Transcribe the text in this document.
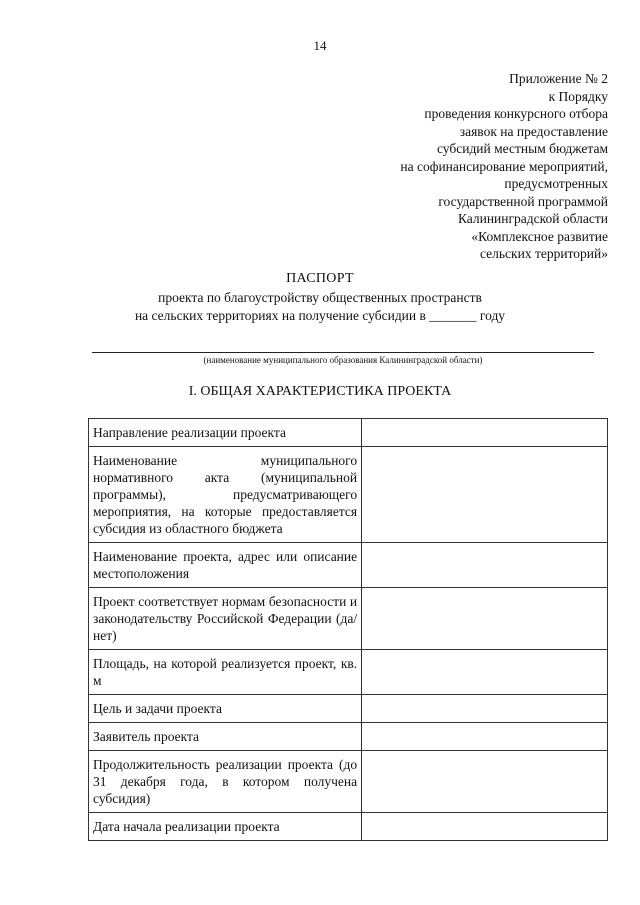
14
Приложение № 2
к Порядку
проведения конкурсного отбора
заявок на предоставление
субсидий местным бюджетам
на софинансирование мероприятий,
предусмотренных
государственной программой
Калининградской области
«Комплексное развитие
сельских территорий»
ПАСПОРТ
проекта по благоустройству общественных пространств
на сельских территориях на получение субсидии в _______ году
(наименование муниципального образования Калининградской области)
I. ОБЩАЯ ХАРАКТЕРИСТИКА ПРОЕКТА
Направление реализации проекта	
Наименование муниципального нормативного акта (муниципальной программы), предусматривающего мероприятия, на которые предоставляется субсидия из областного бюджета	
Наименование проекта, адрес или описание местоположения	
Проект соответствует нормам безопасности и законодательству Российской Федерации (да/нет)	
Площадь, на которой реализуется проект, кв. м	
Цель и задачи проекта	
Заявитель проекта	
Продолжительность реализации проекта (до 31 декабря года, в котором получена субсидия)	
Дата начала реализации проекта	
